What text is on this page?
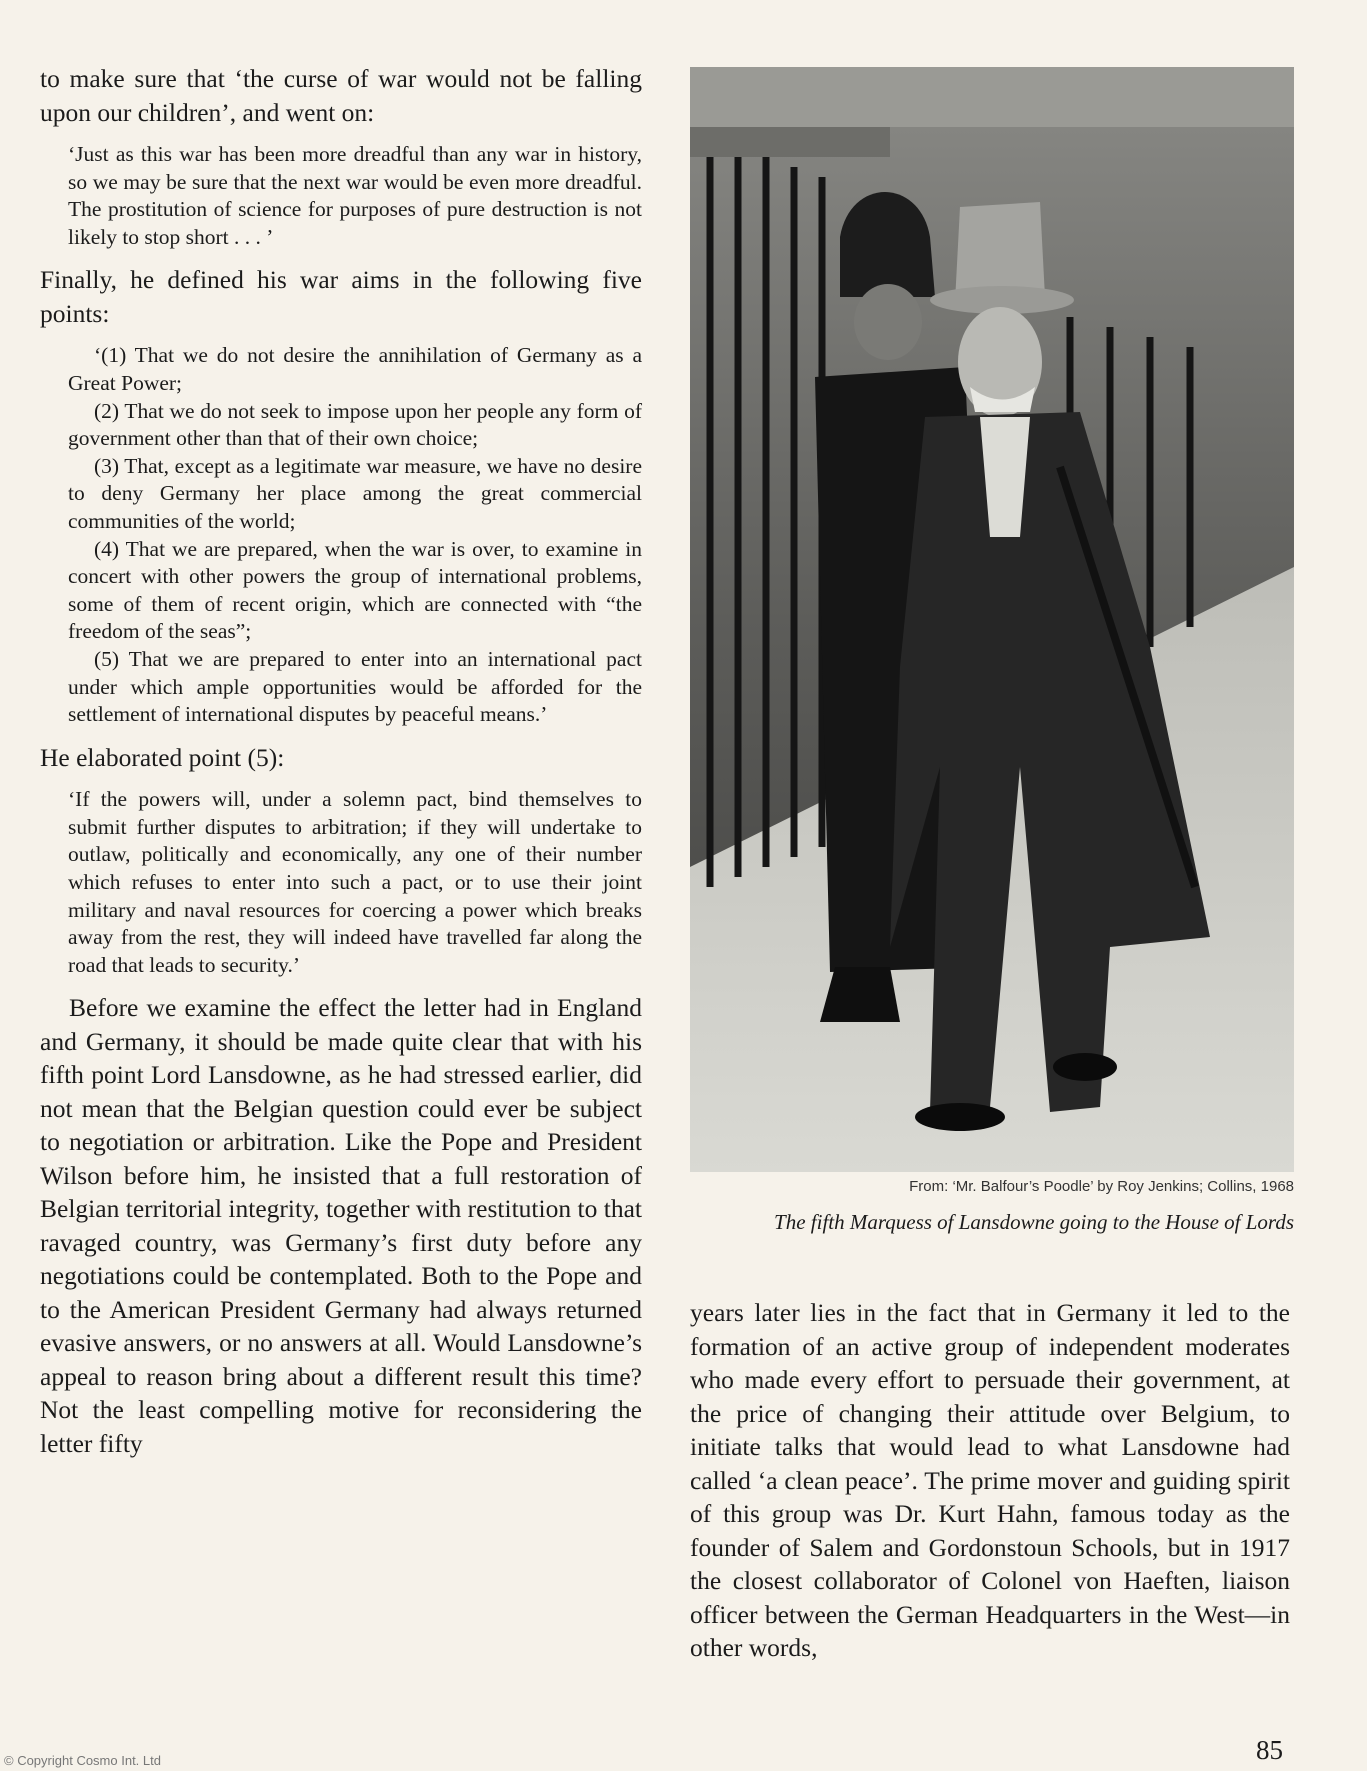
to make sure that ‘the curse of war would not be falling upon our children’, and went on:

‘Just as this war has been more dreadful than any war in history, so we may be sure that the next war would be even more dreadful. The prostitution of science for purposes of pure destruction is not likely to stop short . . . ’

Finally, he defined his war aims in the following five points:

‘(1) That we do not desire the annihilation of Germany as a Great Power;

(2) That we do not seek to impose upon her people any form of government other than that of their own choice;

(3) That, except as a legitimate war measure, we have no desire to deny Germany her place among the great commercial communities of the world;

(4) That we are prepared, when the war is over, to examine in concert with other powers the group of international problems, some of them of recent origin, which are connected with “the freedom of the seas”;

(5) That we are prepared to enter into an international pact under which ample opportunities would be afforded for the settlement of international disputes by peaceful means.’

He elaborated point (5):

‘If the powers will, under a solemn pact, bind themselves to submit further disputes to arbitration; if they will undertake to outlaw, politically and economically, any one of their number which refuses to enter into such a pact, or to use their joint military and naval resources for coercing a power which breaks away from the rest, they will indeed have travelled far along the road that leads to security.’

Before we examine the effect the letter had in England and Germany, it should be made quite clear that with his fifth point Lord Lansdowne, as he had stressed earlier, did not mean that the Belgian question could ever be subject to negotiation or arbitration. Like the Pope and President Wilson before him, he insisted that a full restoration of Belgian territorial integrity, together with restitution to that ravaged country, was Germany’s first duty before any negotiations could be contemplated. Both to the Pope and to the American President Germany had always returned evasive answers, or no answers at all. Would Lansdowne’s appeal to reason bring about a different result this time? Not the least compelling motive for reconsidering the letter fifty

From: ‘Mr. Balfour’s Poodle’ by Roy Jenkins; Collins, 1968
The fifth Marquess of Lansdowne going to the House of Lords

years later lies in the fact that in Germany it led to the formation of an active group of independent moderates who made every effort to persuade their government, at the price of changing their attitude over Belgium, to initiate talks that would lead to what Lansdowne had called ‘a clean peace’. The prime mover and guiding spirit of this group was Dr. Kurt Hahn, famous today as the founder of Salem and Gordonstoun Schools, but in 1917 the closest collaborator of Colonel von Haeften, liaison officer between the German Headquarters in the West—in other words,

85
© Copyright Cosmo Int. Ltd
